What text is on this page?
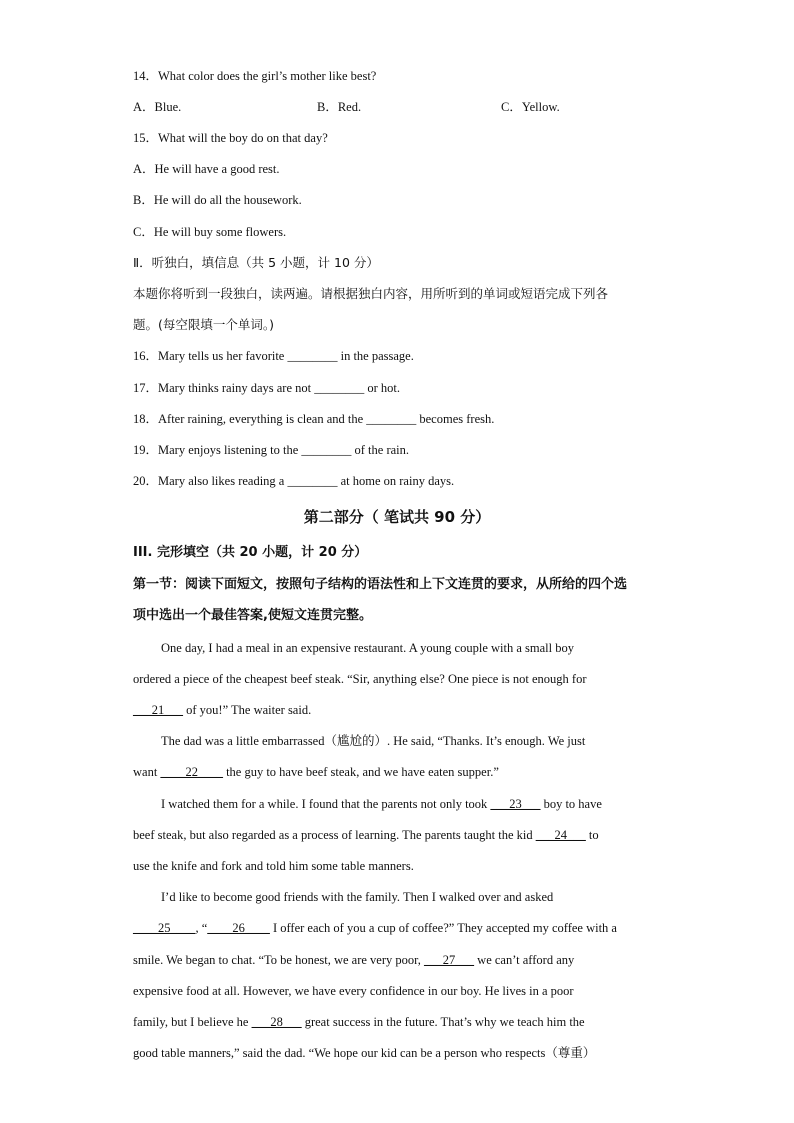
14．What color does the girl’s mother like best?
A．Blue.	B．Red.	C．Yellow.
15．What will the boy do on that day?
A．He will have a good rest.
B．He will do all the housework.
C．He will buy some flowers.
Ⅱ．听独白，填信息（共 5 小题，计 10 分）
本题你将听到一段独白，读两遍。请根据独白内容，用所听到的单词或短语完成下列各
题。(每空限填一个单词。)
16．Mary tells us her favorite ________ in the passage.
17．Mary thinks rainy days are not ________ or hot.
18．After raining, everything is clean and the ________ becomes fresh.
19．Mary enjoys listening to the ________ of the rain.
20．Mary also likes reading a ________ at home on rainy days.
第二部分（ 笔试共 90 分）
III. 完形填空（共 20 小题，计 20 分）
第一节：阅读下面短文，按照句子结构的语法性和上下文连贯的要求，从所给的四个选
项中选出一个最佳答案,使短文连贯完整。
One day, I had a meal in an expensive restaurant. A young couple with a small boy
ordered a piece of the cheapest beef steak. “Sir, anything else? One piece is not enough for
___21___ of you!” The waiter said.
The dad was a little embarrassed（尴尬的）. He said, “Thanks. It’s enough. We just
want ____22____ the guy to have beef steak, and we have eaten supper.”
I watched them for a while. I found that the parents not only took ___23___ boy to have
beef steak, but also regarded as a process of learning. The parents taught the kid ___24___ to
use the knife and fork and told him some table manners.
I’d like to become good friends with the family. Then I walked over and asked
____25____, “____26____ I offer each of you a cup of coffee?” They accepted my coffee with a
smile. We began to chat. “To be honest, we are very poor, ___27___ we can’t afford any
expensive food at all. However, we have every confidence in our boy. He lives in a poor
family, but I believe he ___28___ great success in the future. That’s why we teach him the
good table manners,” said the dad. “We hope our kid can be a person who respects（尊重）
